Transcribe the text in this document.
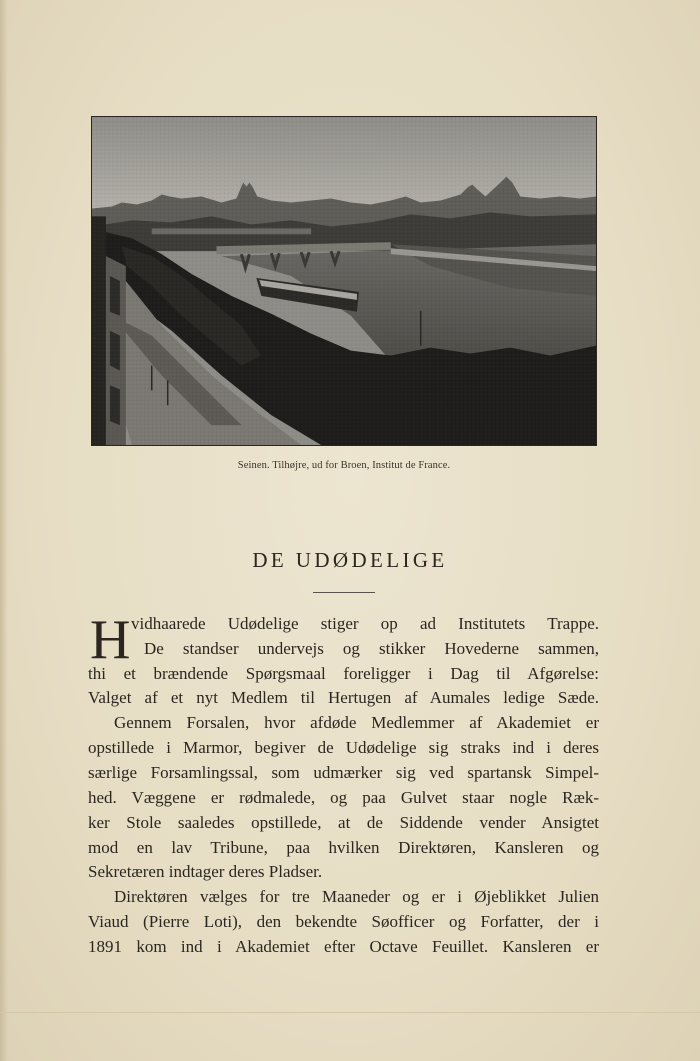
Seinen. Tilhøjre, ud for Broen, Institut de France.
DE UDØDELIGE
H vidhaarede Udødelige stiger op ad Institutets Trappe.
De standser undervejs og stikker Hovederne sammen,
thi et brændende Spørgsmaal foreligger i Dag til Afgørelse:
Valget af et nyt Medlem til Hertugen af Aumales ledige Sæde.
Gennem Forsalen, hvor afdøde Medlemmer af Akademiet er
opstillede i Marmor, begiver de Udødelige sig straks ind i deres
særlige Forsamlingssal, som udmærker sig ved spartansk Simpel-
hed. Væggene er rødmalede, og paa Gulvet staar nogle Ræk-
ker Stole saaledes opstillede, at de Siddende vender Ansigtet
mod en lav Tribune, paa hvilken Direktøren, Kansleren og
Sekretæren indtager deres Pladser.
Direktøren vælges for tre Maaneder og er i Øjeblikket Julien
Viaud (Pierre Loti), den bekendte Søofficer og Forfatter, der i
1891 kom ind i Akademiet efter Octave Feuillet. Kansleren er
